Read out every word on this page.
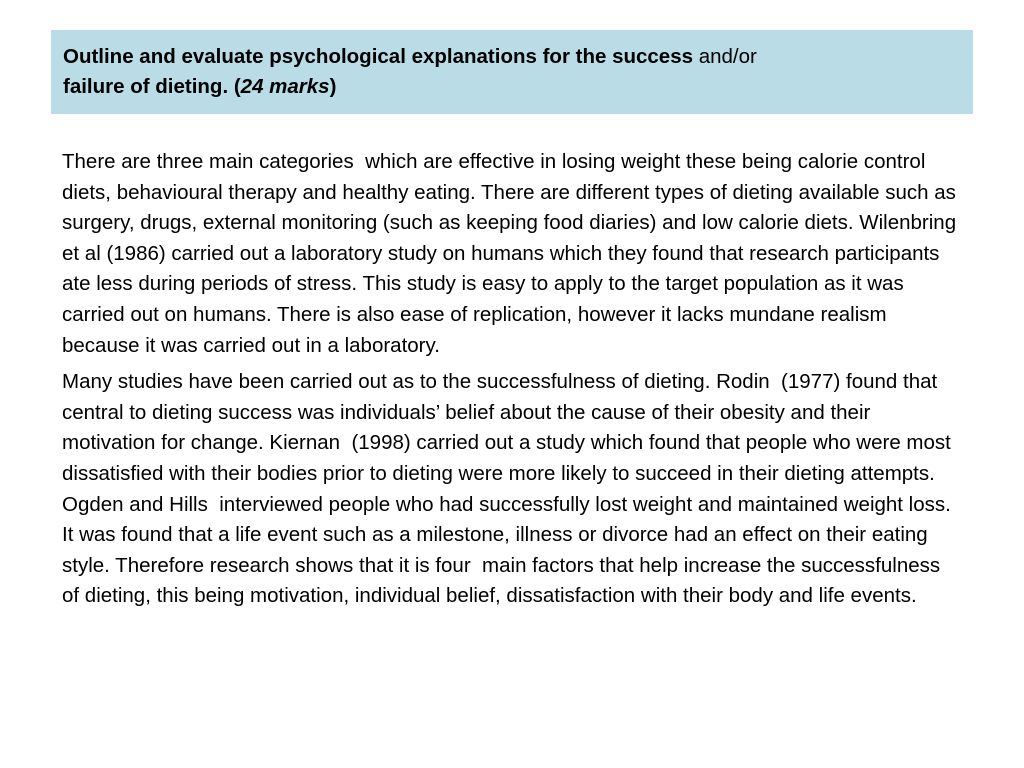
Outline and evaluate psychological explanations for the success and/or
failure of dieting. (24 marks)

There are three main categories  which are effective in losing weight these being calorie control diets, behavioural therapy and healthy eating. There are different types of dieting available such as surgery, drugs, external monitoring (such as keeping food diaries) and low calorie diets. Wilenbring  et al (1986) carried out a laboratory study on humans which they found that research participants ate less during periods of stress. This study is easy to apply to the target population as it was carried out on humans. There is also ease of replication, however it lacks mundane realism because it was carried out in a laboratory.

Many studies have been carried out as to the successfulness of dieting. Rodin  (1977) found that central to dieting success was individuals’ belief about the cause of their obesity and their motivation for change. Kiernan  (1998) carried out a study which found that people who were most dissatisfied with their bodies prior to dieting were more likely to succeed in their dieting attempts. Ogden and Hills  interviewed people who had successfully lost weight and maintained weight loss. It was found that a life event such as a milestone, illness or divorce had an effect on their eating style. Therefore research shows that it is four  main factors that help increase the successfulness of dieting, this being motivation, individual belief, dissatisfaction with their body and life events.
